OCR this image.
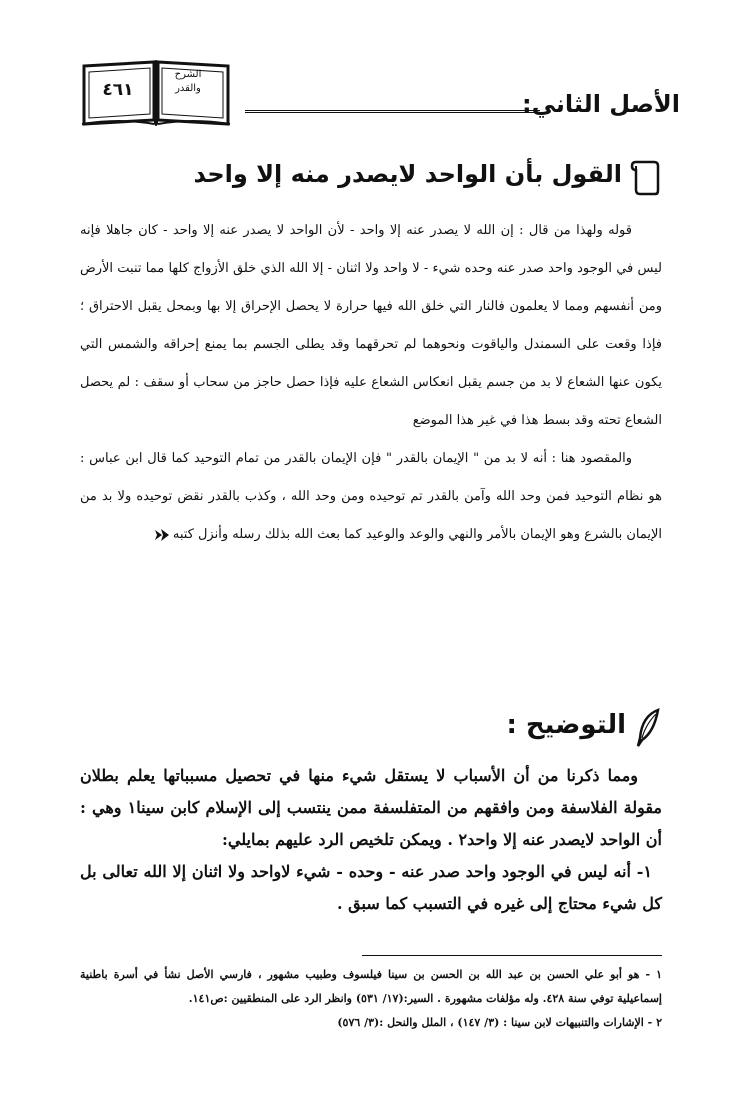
الأصل الثاني:
٤٦١
الشرح
والقدر
القول بأن الواحد لايصدر منه إلا واحد

قوله ولهذا من قال : إن الله لا يصدر عنه إلا واحد - لأن الواحد لا يصدر عنه إلا واحد - كان جاهلا فإنه ليس في الوجود واحد صدر عنه وحده شيء - لا واحد ولا اثنان - إلا الله الذي خلق الأزواج كلها مما تنبت الأرض ومن أنفسهم ومما لا يعلمون فالنار التي خلق الله فيها حرارة لا يحصل الإحراق إلا بها وبمحل يقبل الاحتراق ؛ فإذا وقعت على السمندل والياقوت ونحوهما لم تحرقهما وقد يطلى الجسم بما يمنع إحراقه والشمس التي يكون عنها الشعاع لا بد من جسم يقبل انعكاس الشعاع عليه فإذا حصل حاجز من سحاب أو سقف : لم يحصل الشعاع تحته وقد بسط هذا في غير هذا الموضع

والمقصود هنا : أنه لا بد من " الإيمان بالقدر " فإن الإيمان بالقدر من تمام التوحيد كما قال ابن عباس : هو نظام التوحيد فمن وحد الله وآمن بالقدر تم توحيده ومن وحد الله ، وكذب بالقدر نقض توحيده ولا بد من الإيمان بالشرع وهو الإيمان بالأمر والنهي والوعد والوعيد كما بعث الله بذلك رسله وأنزل كتبه

التوضيح :

ومما ذكرنا من أن الأسباب لا يستقل شيء منها في تحصيل مسبباتها يعلم بطلان مقولة الفلاسفة ومن وافقهم من المتفلسفة ممن ينتسب إلى الإسلام كابن سينا١ وهي : أن الواحد لايصدر عنه إلا واحد٢ . ويمكن تلخيص الرد عليهم بمايلي:

١- أنه ليس في الوجود واحد صدر عنه - وحده - شيء لاواحد ولا اثنان إلا الله تعالى بل كل شيء محتاج إلى غيره في التسبب كما سبق .

١ - هو أبو علي الحسن بن عبد الله بن الحسن بن سينا فيلسوف وطبيب مشهور ، فارسي الأصل نشأ في أسرة باطنية إسماعيلية توفي سنة ٤٢٨. وله مؤلفات مشهورة . السير:(١٧/ ٥٣١) وانظر الرد على المنطقيين :ص١٤١.

٢ - الإشارات والتنبيهات لابن سينا : (٣/ ١٤٧) ، الملل والنحل :(٣/ ٥٧٦)
